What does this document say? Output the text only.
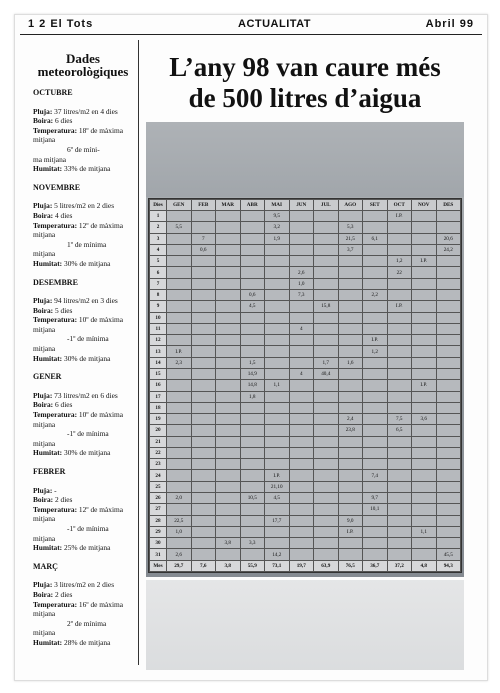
1 2 El Tots	ACTUALITAT	Abril 99
Dades
meteorològiques
OCTUBRE
Pluja: 37 litres/m2 en 4 dies
Boira: 6 dies
Temperatura: 18º de màxima
mitjana
6º de míni-
ma mitjana
Humitat: 33% de mitjana
NOVEMBRE
Pluja: 5 litres/m2 en 2 dies
Boira: 4 dies
Temperatura: 12º de màxima
mitjana
1º de mínima
mitjana
Humitat: 30% de mitjana
DESEMBRE
Pluja: 94 litres/m2 en 3 dies
Boira: 5 dies
Temperatura: 10º de màxima
mitjana
-1º de mínima
mitjana
Humitat: 30% de mitjana
GENER
Pluja: 73 litres/m2 en 6 dies
Boira: 6 dies
Temperatura: 10º de màxima
mitjana
-1º de mínima
mitjana
Humitat: 30% de mitjana
FEBRER
Pluja: -
Boira: 2 dies
Temperatura: 12º de màxima
mitjana
-1º de mínima
mitjana
Humitat: 25% de mitjana
MARÇ
Pluja: 3 litres/m2 en 2 dies
Boira: 2 dies
Temperatura: 16º de màxima
mitjana
2º de mínima
mitjana
Humitat: 28% de mitjana
L’any 98 van caure més
de 500 litres d’aigua
Dies	GEN	FEB	MAR	ABR	MAI	JUN	JUL	AGO	SET	OCT	NOV	DES
1					9,5					I.P.		
2	5,5				3,2			5,3				
3		7			1,9			21,5	6,1			20,6
4		0,6						3,7				24,2
5										1,2	I.P.	
6						2,6				22		
7						1,0						
8				0,6		7,3			2,2			
9				4,5			15,8			I.P.		
10												
11						4						
12									I.P.			
13	I.P.								1,2			
14	2,3			1,5			1,7	1,6				
15				14,9		4	40,4					
16				14,8	1,1						I.P.	
17				1,8								
18												
19								2,4		7,5	3,6	
20								23,8		6,5		
21												
22												
23												
24					I.P.				7,4			
25					21,10							
26	2,0			10,5	4,5				9,7			
27									10,1			
28	22,5				17,7			9,0				
29	1,0							I.P.			1,1	
30			3,8	3,3								
31	2,6				14,2							45,5
Mes	29,7	7,6	3,8	55,9	73,1	19,7	63,9	76,5	36,7	37,2	4,8	94,3
